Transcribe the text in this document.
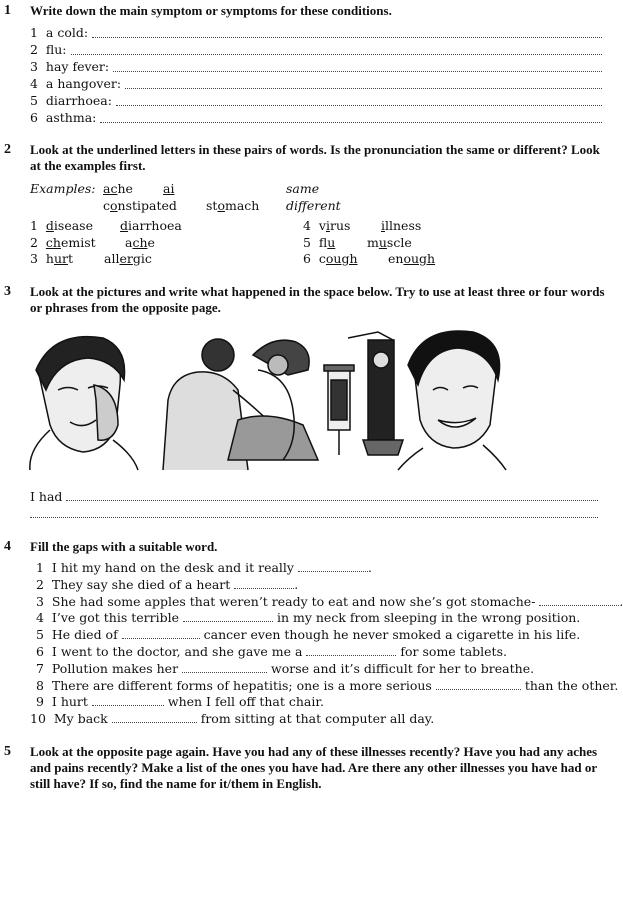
1 Write down the main symptom or symptoms for these conditions.
1 a cold:
2 flu:
3 hay fever:
4 a hangover:
5 diarrhoea:
6 asthma:
2 Look at the underlined letters in these pairs of words. Is the pronunciation the same or different? Look at the examples first.
Examples: ache ai	same
constipated stomach different
1 disease diarrhoea
2 chemist ache
3  hurt allergic
4  virus illness
5  flu	muscle
6  cough enough
3 Look at the pictures and write what happened in the space below. Try to use at least three or four words or phrases from the opposite page.
I had
4 Fill the gaps with a suitable word.
1 I hit my hand on the desk and it really	.
2 They say she died of a heart	.
3 She had some apples that weren’t ready to eat and now she’s got stomache-
4 I’ve got this terrible	in my neck from sleeping in the wrong position.
5 He died of	cancer even though he never smoked a cigarette in his life.
6 I went to the doctor, and she gave me a	for some tablets.
7 Pollution makes her	worse and it’s difficult for her to breathe.
8 There are different forms of hepatitis; one is a more serious	than the other.
9 I hurt	when I fell off that chair.
10 My back	from sitting at that computer all day.
5 Look at the opposite page again. Have you had any of these illnesses recently? Have you had any aches and pains recently? Make a list of the ones you have had. Are there any other illnesses you have had or still have? If so, find the name for it/them in English.
